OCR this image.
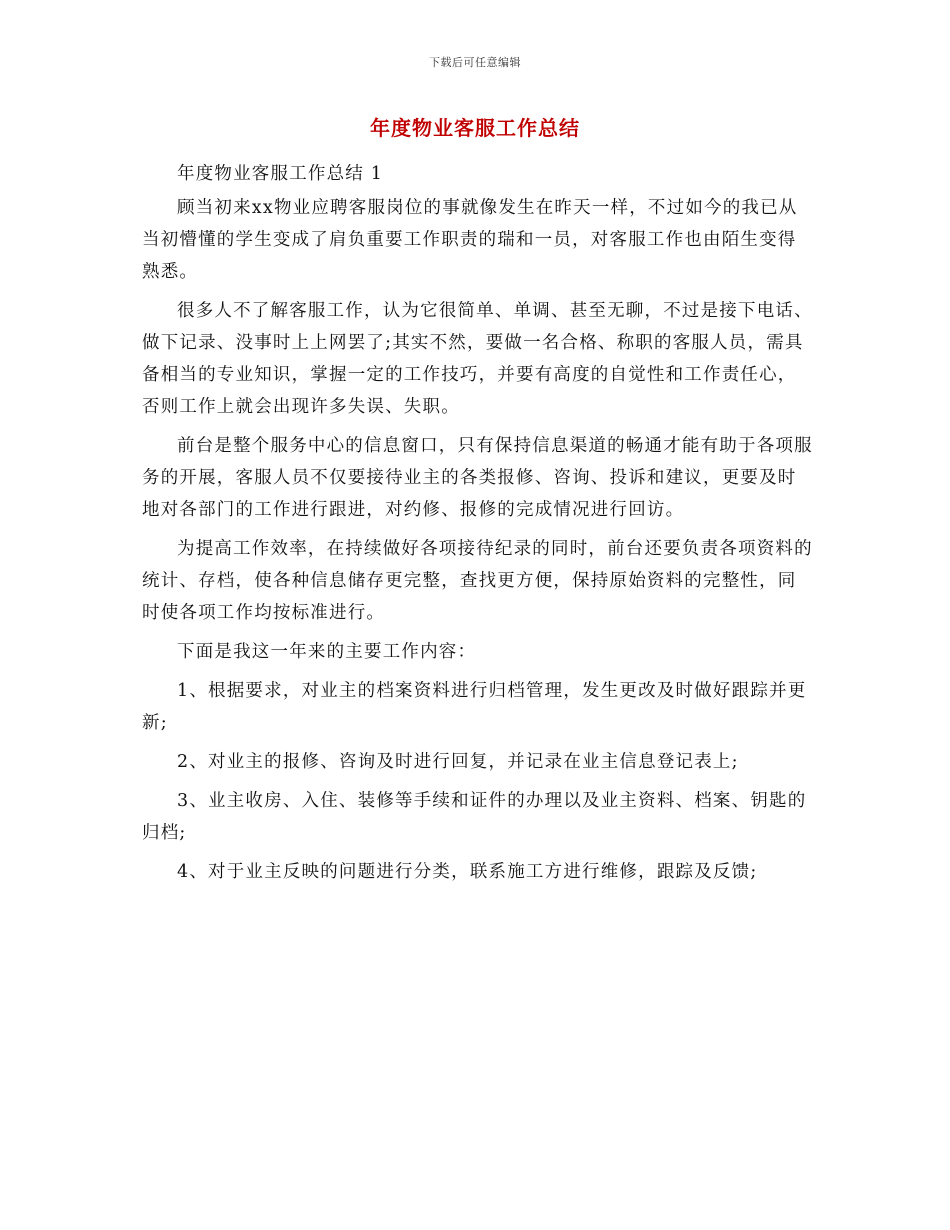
下载后可任意编辑
年度物业客服工作总结

年度物业客服工作总结 1

顾当初来xx物业应聘客服岗位的事就像发生在昨天一样，不过如今的我已从当初懵懂的学生变成了肩负重要工作职责的瑞和一员，对客服工作也由陌生变得熟悉。

很多人不了解客服工作，认为它很简单、单调、甚至无聊，不过是接下电话、做下记录、没事时上上网罢了;其实不然，要做一名合格、称职的客服人员，需具备相当的专业知识，掌握一定的工作技巧，并要有高度的自觉性和工作责任心，否则工作上就会出现许多失误、失职。

前台是整个服务中心的信息窗口，只有保持信息渠道的畅通才能有助于各项服务的开展，客服人员不仅要接待业主的各类报修、咨询、投诉和建议，更要及时地对各部门的工作进行跟进，对约修、报修的完成情况进行回访。

为提高工作效率，在持续做好各项接待纪录的同时，前台还要负责各项资料的统计、存档，使各种信息储存更完整，查找更方便，保持原始资料的完整性，同时使各项工作均按标准进行。

下面是我这一年来的主要工作内容：

1、根据要求，对业主的档案资料进行归档管理，发生更改及时做好跟踪并更新;

2、对业主的报修、咨询及时进行回复，并记录在业主信息登记表上;

3、业主收房、入住、装修等手续和证件的办理以及业主资料、档案、钥匙的归档;

4、对于业主反映的问题进行分类，联系施工方进行维修，跟踪及反馈;
